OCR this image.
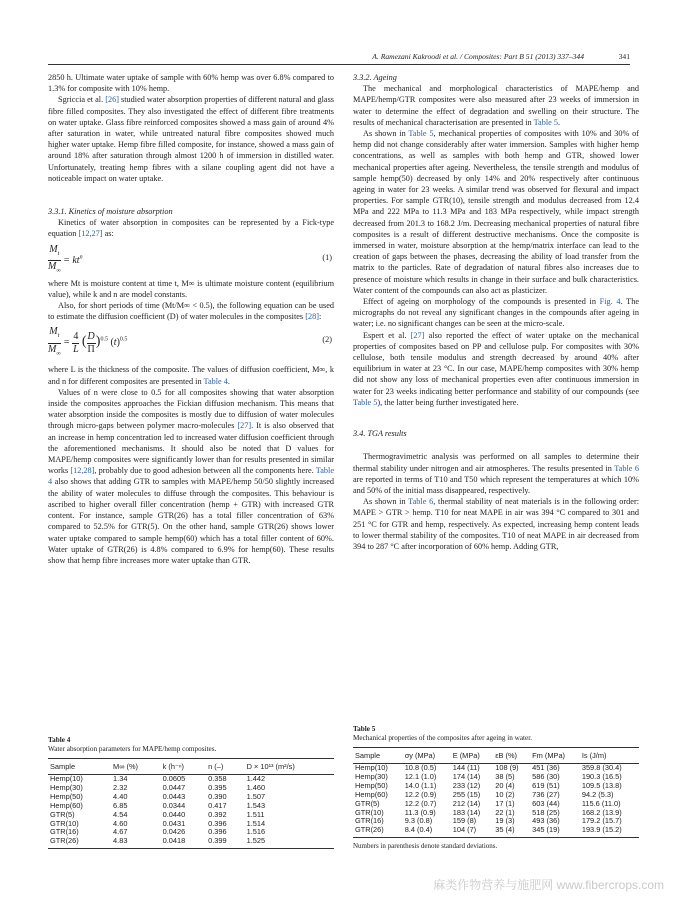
A. Ramezani Kakroodi et al. / Composites: Part B 51 (2013) 337–344	341

2850 h. Ultimate water uptake of sample with 60% hemp was over 6.8% compared to 1.3% for composite with 10% hemp.

Sgriccia et al. [26] studied water absorption properties of different natural and glass fibre filled composites. They also investigated the effect of different fibre treatments on water uptake. Glass fibre reinforced composites showed a mass gain of around 4% after saturation in water, while untreated natural fibre composites showed much higher water uptake. Hemp fibre filled composite, for instance, showed a mass gain of around 18% after saturation through almost 1200 h of immersion in distilled water. Unfortunately, treating hemp fibres with a silane coupling agent did not have a noticeable impact on water uptake.

3.3.1. Kinetics of moisture absorption

Kinetics of water absorption in composites can be represented by a Fick-type equation [12,27] as:

$\frac{M_t}{M_\infty} = kt^n$	(1)

where Mt is moisture content at time t, M∞ is ultimate moisture content (equilibrium value), while k and n are model constants.

Also, for short periods of time (Mt/M∞ < 0.5), the following equation can be used to estimate the diffusion coefficient (D) of water molecules in the composites [28]:

$\frac{M_t}{M_\infty} = \frac{4}{L}$ ( $\frac{D}{\Pi} )^{0.5}$ $(t)^{0.5}$	(2)

where L is the thickness of the composite. The values of diffusion coefficient, M∞, k and n for different composites are presented in Table 4.

Values of n were close to 0.5 for all composites showing that water absorption inside the composites approaches the Fickian diffusion mechanism. This means that water absorption inside the composites is mostly due to diffusion of water molecules through micro-gaps between polymer macro-molecules [27]. It is also observed that an increase in hemp concentration led to increased water diffusion coefficient through the aforementioned mechanisms. It should also be noted that D values for MAPE/hemp composites were significantly lower than for results presented in similar works [12,28], probably due to good adhesion between all the components here. Table 4 also shows that adding GTR to samples with MAPE/hemp 50/50 slightly increased the ability of water molecules to diffuse through the composites. This behaviour is ascribed to higher overall filler concentration (hemp + GTR) with increased GTR content. For instance, sample GTR(26) has a total filler concentration of 63% compared to 52.5% for GTR(5). On the other hand, sample GTR(26) shows lower water uptake compared to sample hemp(60) which has a total filler content of 60%. Water uptake of GTR(26) is 4.8% compared to 6.9% for hemp(60). These results show that hemp fibre increases more water uptake than GTR.

Table 4
Water absorption parameters for MAPE/hemp composites.
Sample	M∞ (%)	k (h⁻ⁿ)	n (–)	D × 10¹³ (m²/s)
Hemp(10)	1.34	0.0605	0.358	1.442
Hemp(30)	2.32	0.0447	0.395	1.460
Hemp(50)	4.40	0.0443	0.390	1.507
Hemp(60)	6.85	0.0344	0.417	1.543
GTR(5)	4.54	0.0440	0.392	1.511
GTR(10)	4.60	0.0431	0.396	1.514
GTR(16)	4.67	0.0426	0.396	1.516
GTR(26)	4.83	0.0418	0.399	1.525

3.3.2. Ageing

The mechanical and morphological characteristics of MAPE/hemp and MAPE/hemp/GTR composites were also measured after 23 weeks of immersion in water to determine the effect of degradation and swelling on their structure. The results of mechanical characterisation are presented in Table 5.

As shown in Table 5, mechanical properties of composites with 10% and 30% of hemp did not change considerably after water immersion. Samples with higher hemp concentrations, as well as samples with both hemp and GTR, showed lower mechanical properties after ageing. Nevertheless, the tensile strength and modulus of sample hemp(50) decreased by only 14% and 20% respectively after continuous ageing in water for 23 weeks. A similar trend was observed for flexural and impact properties. For sample GTR(10), tensile strength and modulus decreased from 12.4 MPa and 222 MPa to 11.3 MPa and 183 MPa respectively, while impact strength decreased from 201.3 to 168.2 J/m. Decreasing mechanical properties of natural fibre composites is a result of different destructive mechanisms. Once the composite is immersed in water, moisture absorption at the hemp/matrix interface can lead to the creation of gaps between the phases, decreasing the ability of load transfer from the matrix to the particles. Rate of degradation of natural fibres also increases due to presence of moisture which results in change in their surface and bulk characteristics. Water content of the compounds can also act as plasticizer.

Effect of ageing on morphology of the compounds is presented in Fig. 4. The micrographs do not reveal any significant changes in the compounds after ageing in water; i.e. no significant changes can be seen at the micro-scale.

Espert et al. [27] also reported the effect of water uptake on the mechanical properties of composites based on PP and cellulose pulp. For composites with 30% cellulose, both tensile modulus and strength decreased by around 40% after equilibrium in water at 23 °C. In our case, MAPE/hemp composites with 30% hemp did not show any loss of mechanical properties even after continuous immersion in water for 23 weeks indicating better performance and stability of our compounds (see Table 5), the latter being further investigated here.

3.4. TGA results

Thermogravimetric analysis was performed on all samples to determine their thermal stability under nitrogen and air atmospheres. The results presented in Table 6 are reported in terms of T10 and T50 which represent the temperatures at which 10% and 50% of the initial mass disappeared, respectively.

As shown in Table 6, thermal stability of neat materials is in the following order: MAPE > GTR > hemp. T10 for neat MAPE in air was 394 °C compared to 301 and 251 °C for GTR and hemp, respectively. As expected, increasing hemp content leads to lower thermal stability of the composites. T10 of neat MAPE in air decreased from 394 to 287 °C after incorporation of 60% hemp. Adding GTR,

Table 5
Mechanical properties of the composites after ageing in water.
Sample	σy (MPa)	E (MPa)	εB (%)	Fm (MPa)	Is (J/m)
Hemp(10)	10.8 (0.5)	144 (11)	108 (9)	451 (36)	359.8 (30.4)
Hemp(30)	12.1 (1.0)	174 (14)	38 (5)	586 (30)	190.3 (16.5)
Hemp(50)	14.0 (1.1)	233 (12)	20 (4)	619 (51)	109.5 (13.8)
Hemp(60)	12.2 (0.9)	255 (15)	10 (2)	736 (27)	94.2 (5.3)
GTR(5)	12.2 (0.7)	212 (14)	17 (1)	603 (44)	115.6 (11.0)
GTR(10)	11.3 (0.9)	183 (14)	22 (1)	518 (25)	168.2 (13.9)
GTR(16)	9.3 (0.8)	159 (8)	19 (3)	493 (36)	179.2 (15.7)
GTR(26)	8.4 (0.4)	104 (7)	35 (4)	345 (19)	193.9 (15.2)
Numbers in parenthesis denote standard deviations.
麻类作物营养与施肥网 www.fibercrops.com
